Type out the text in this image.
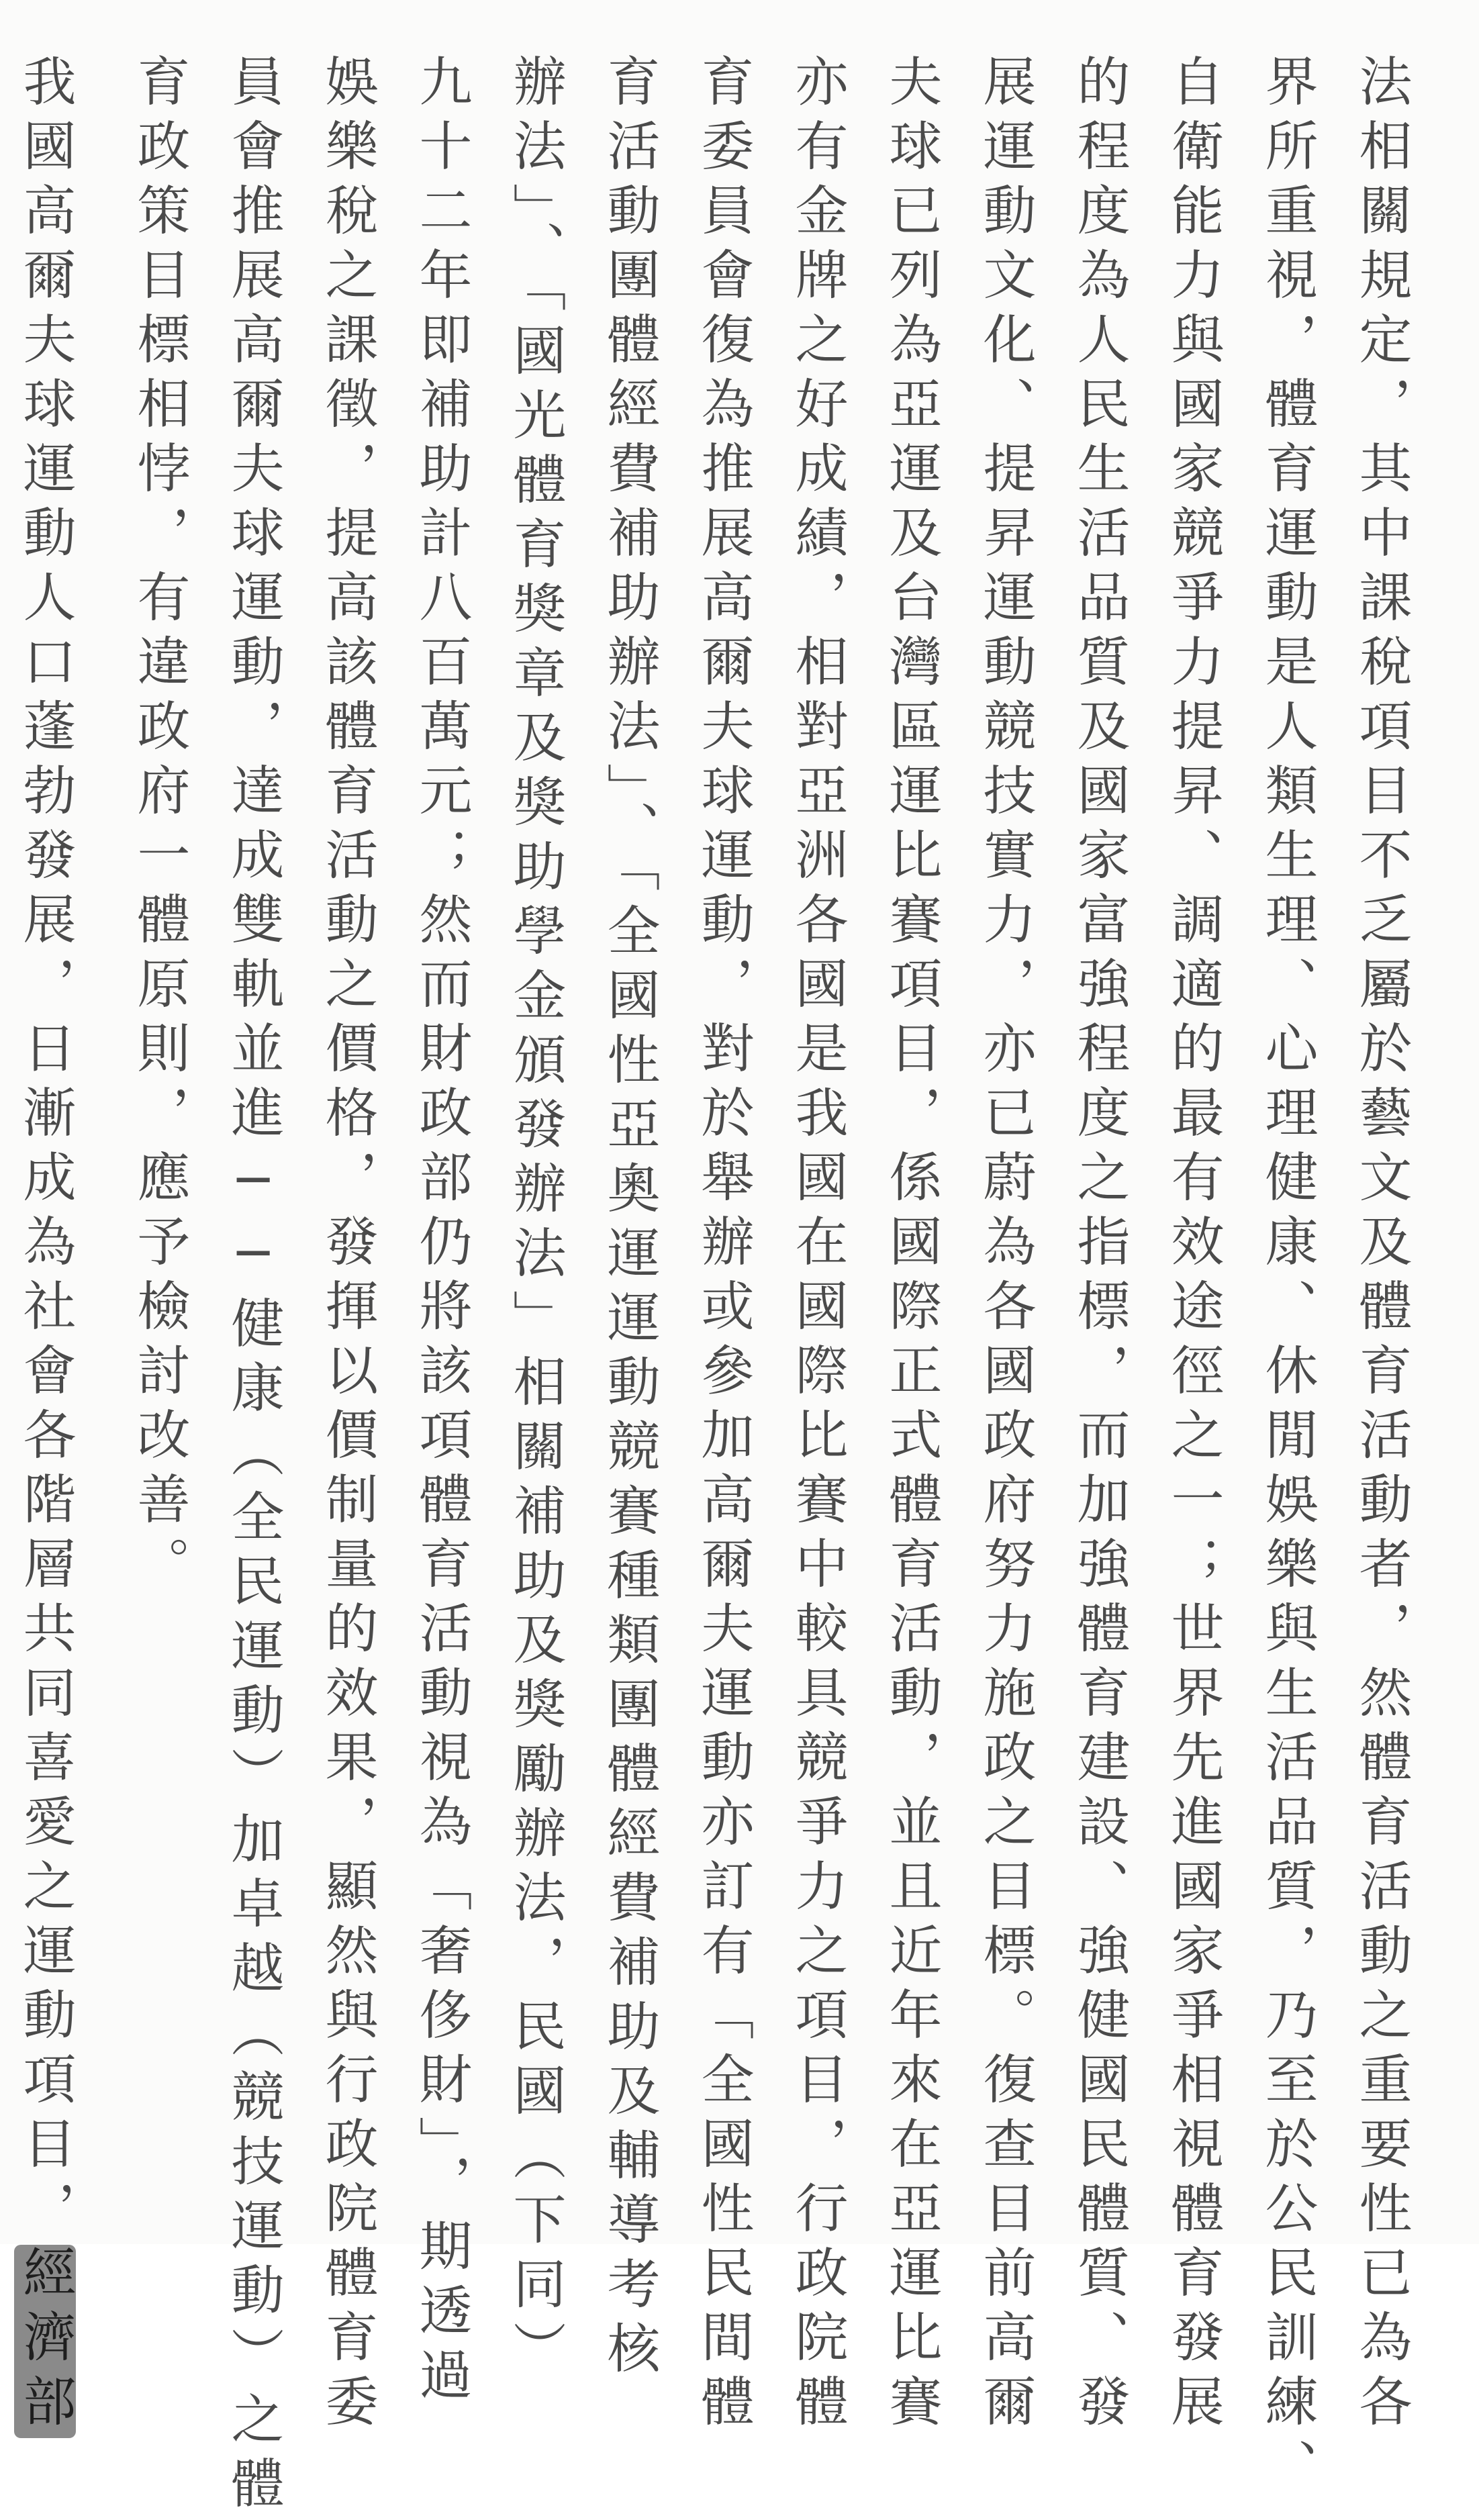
法相關規定，其中課稅項目不乏屬於藝文及體育活動者，然體育活動之重要性已為各
界所重視，體育運動是人類生理、心理健康、休閒娛樂與生活品質，乃至於公民訓練、
自衛能力與國家競爭力提昇、調適的最有效途徑之一；世界先進國家爭相視體育發展
的程度為人民生活品質及國家富強程度之指標，而加強體育建設、強健國民體質、發
展運動文化、提昇運動競技實力，亦已蔚為各國政府努力施政之目標。復查目前高爾
夫球已列為亞運及台灣區運比賽項目，係國際正式體育活動，並且近年來在亞運比賽
亦有金牌之好成績，相對亞洲各國是我國在國際比賽中較具競爭力之項目，行政院體
育委員會復為推展高爾夫球運動，對於舉辦或參加高爾夫運動亦訂有「全國性民間體
育活動團體經費補助辦法」、「全國性亞奧運運動競賽種類團體經費補助及輔導考核
辦法」、「國光體育獎章及獎助學金頒發辦法」相關補助及獎勵辦法，民國（下同）
九十二年即補助計八百萬元；然而財政部仍將該項體育活動視為「奢侈財」，期透過
娛樂稅之課徵，提高該體育活動之價格，發揮以價制量的效果，顯然與行政院體育委
員會推展高爾夫球運動，達成雙軌並進──健康（全民運動）加卓越（競技運動）之體
育政策目標相悖，有違政府一體原則，應予檢討改善。
我國高爾夫球運動人口蓬勃發展，日漸成為社會各階層共同喜愛之運動項目，經濟部
